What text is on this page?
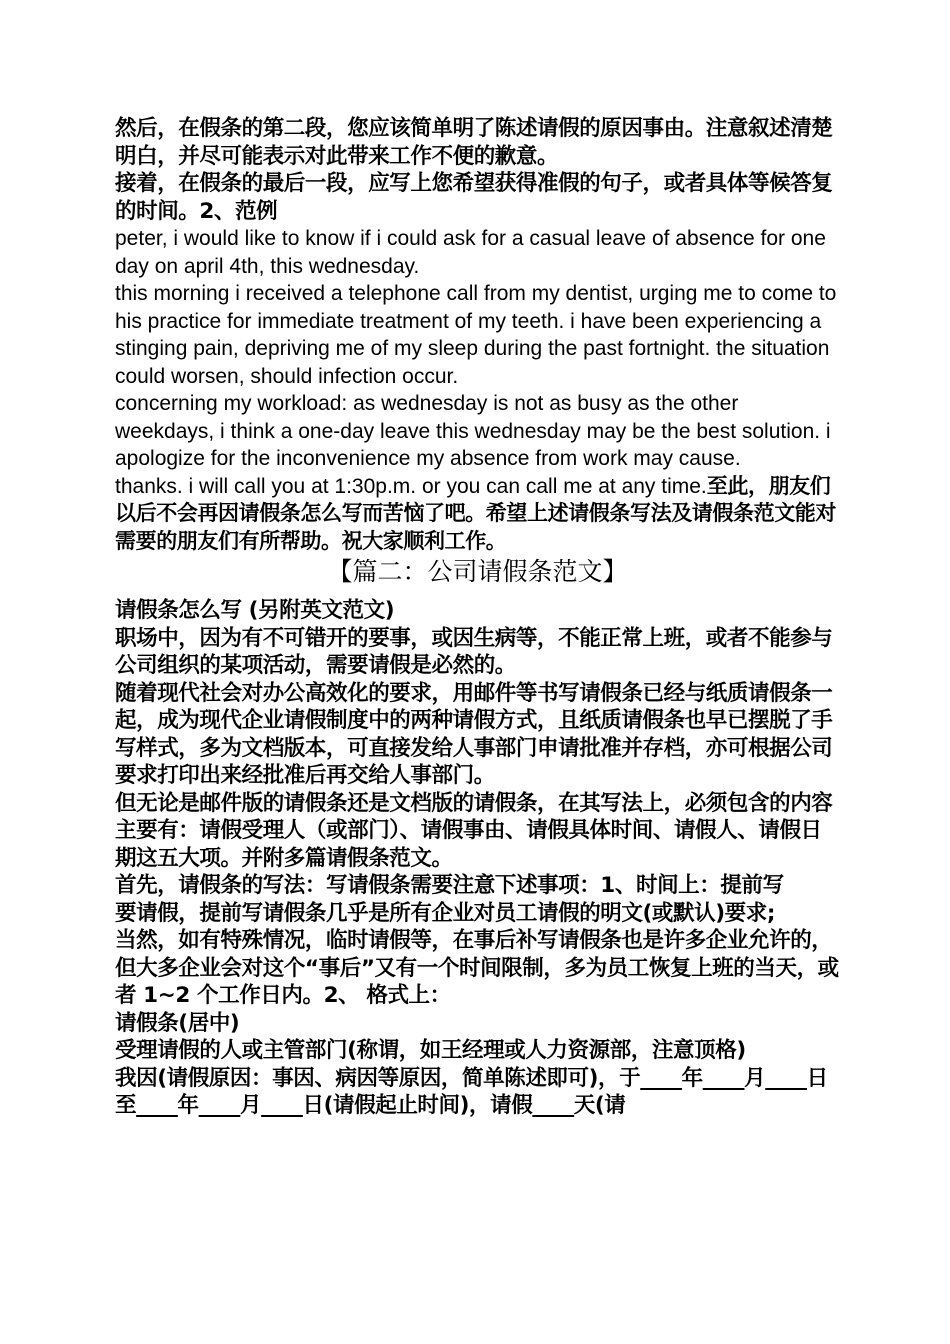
然后，在假条的第二段，您应该简单明了陈述请假的原因事由。注意叙述清楚明白，并尽可能表示对此带来工作不便的歉意。

接着，在假条的最后一段，应写上您希望获得准假的句子，或者具体等候答复的时间。2、范例

peter, i would like to know if i could ask for a casual leave of absence for one day on april 4th, this wednesday.

this morning i received a telephone call from my dentist, urging me to come to his practice for immediate treatment of my teeth. i have been experiencing a stinging pain, depriving me of my sleep during the past fortnight. the situation could worsen, should infection occur.

concerning my workload: as wednesday is not as busy as the other weekdays, i think a one-day leave this wednesday may be the best solution. i apologize for the inconvenience my absence from work may cause.

thanks. i will call you at 1:30p.m. or you can call me at any time.至此，朋友们以后不会再因请假条怎么写而苦恼了吧。希望上述请假条写法及请假条范文能对需要的朋友们有所帮助。祝大家顺利工作。

【篇二：公司请假条范文】

请假条怎么写 (另附英文范文)

职场中，因为有不可错开的要事，或因生病等，不能正常上班，或者不能参与公司组织的某项活动，需要请假是必然的。

随着现代社会对办公高效化的要求，用邮件等书写请假条已经与纸质请假条一起，成为现代企业请假制度中的两种请假方式，且纸质请假条也早已摆脱了手写样式，多为文档版本，可直接发给人事部门申请批准并存档，亦可根据公司要求打印出来经批准后再交给人事部门。

但无论是邮件版的请假条还是文档版的请假条，在其写法上，必须包含的内容主要有：请假受理人（或部门）、请假事由、请假具体时间、请假人、请假日期这五大项。并附多篇请假条范文。

首先，请假条的写法：写请假条需要注意下述事项：1、时间上：提前写

要请假，提前写请假条几乎是所有企业对员工请假的明文(或默认)要求;

当然，如有特殊情况，临时请假等，在事后补写请假条也是许多企业允许的，但大多企业会对这个“事后”又有一个时间限制，多为员工恢复上班的当天，或者 1~2 个工作日内。2、 格式上：

请假条(居中)

受理请假的人或主管部门(称谓，如王经理或人力资源部，注意顶格)

我因(请假原因：事因、病因等原因，简单陈述即可)，于____年____月____日至____年____月____日(请假起止时间)，请假____天(请
